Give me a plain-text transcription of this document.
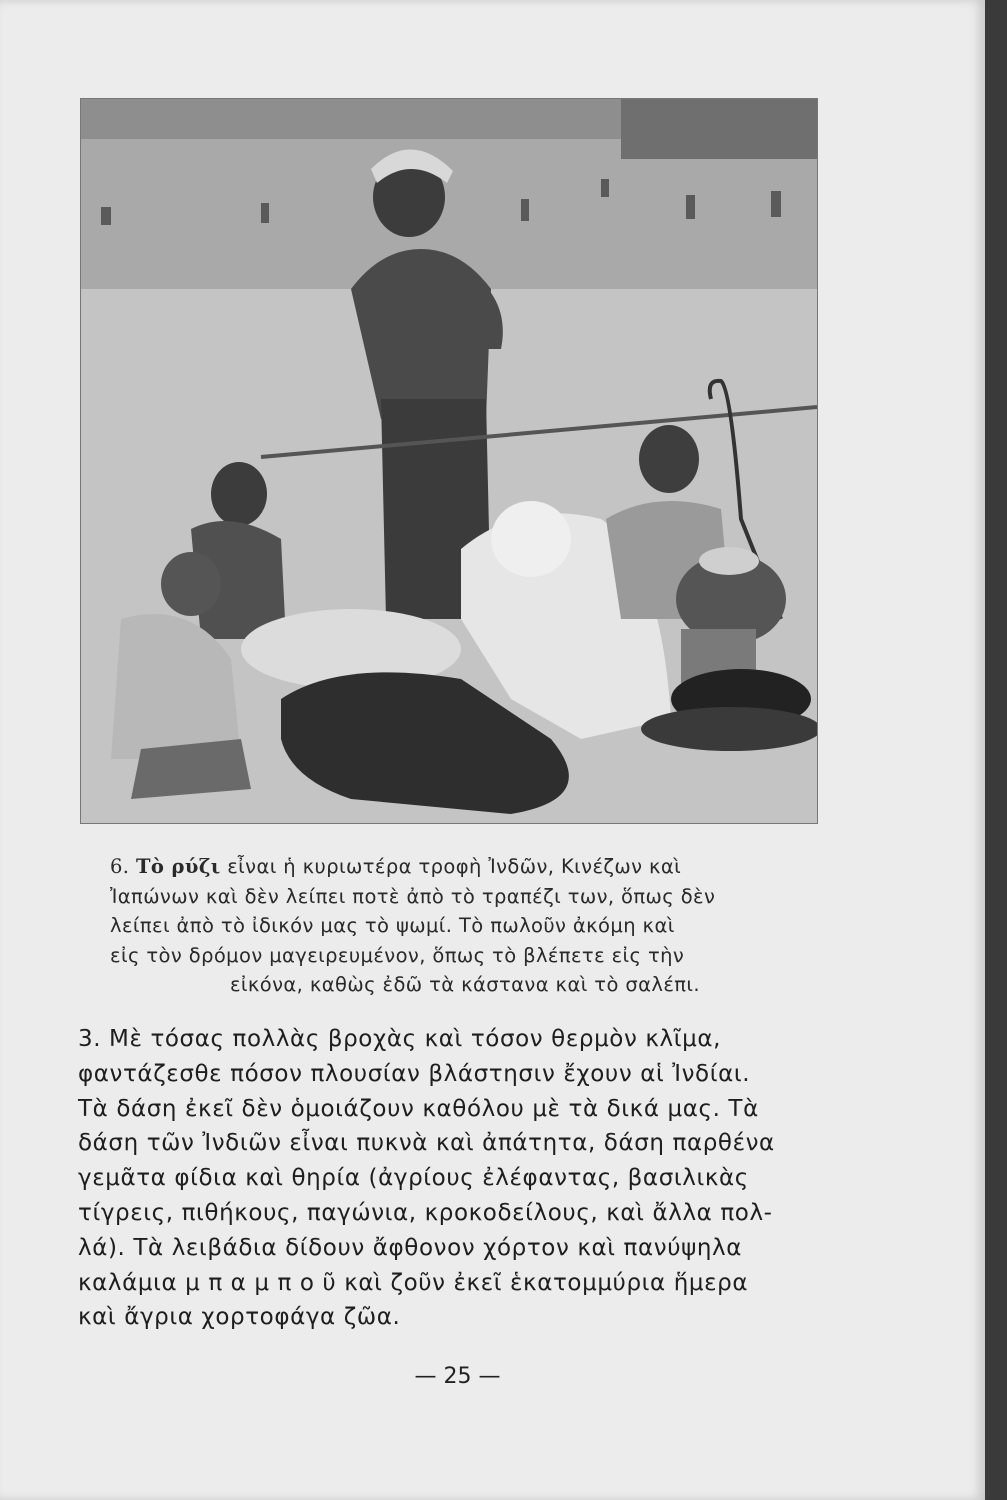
6. Τὸ ρύζι εἶναι ἡ κυριωτέρα τροφὴ Ἰνδῶν, Κινέζων καὶ
Ἰαπώνων καὶ δὲν λείπει ποτὲ ἀπὸ τὸ τραπέζι των, ὅπως δὲν
λείπει ἀπὸ τὸ ἰδικόν μας τὸ ψωμί. Τὸ πωλοῦν ἀκόμη καὶ
εἰς τὸν δρόμον μαγειρευμένον, ὅπως τὸ βλέπετε εἰς τὴν
εἰκόνα, καθὼς ἐδῶ τὰ κάστανα καὶ τὸ σαλέπι.
3. Μὲ τόσας πολλὰς βροχὰς καὶ τόσον θερμὸν κλῖμα,
φαντάζεσθε πόσον πλουσίαν βλάστησιν ἔχουν αἱ Ἰνδίαι.
Τὰ δάση ἐκεῖ δὲν ὁμοιάζουν καθόλου μὲ τὰ δικά μας. Τὰ
δάση τῶν Ἰνδιῶν εἶναι πυκνὰ καὶ ἀπάτητα, δάση παρθένα
γεμᾶτα φίδια καὶ θηρία (ἀγρίους ἐλέφαντας, βασιλικὰς
τίγρεις, πιθήκους, παγώνια, κροκοδείλους, καὶ ἄλλα πολ-
λά). Τὰ λειβάδια δίδουν ἄφθονον χόρτον καὶ πανύψηλα
καλάμια μ π α μ π ο ῦ καὶ ζοῦν ἐκεῖ ἑκατομμύρια ἥμερα
καὶ ἄγρια χορτοφάγα ζῶα.
— 25 —
